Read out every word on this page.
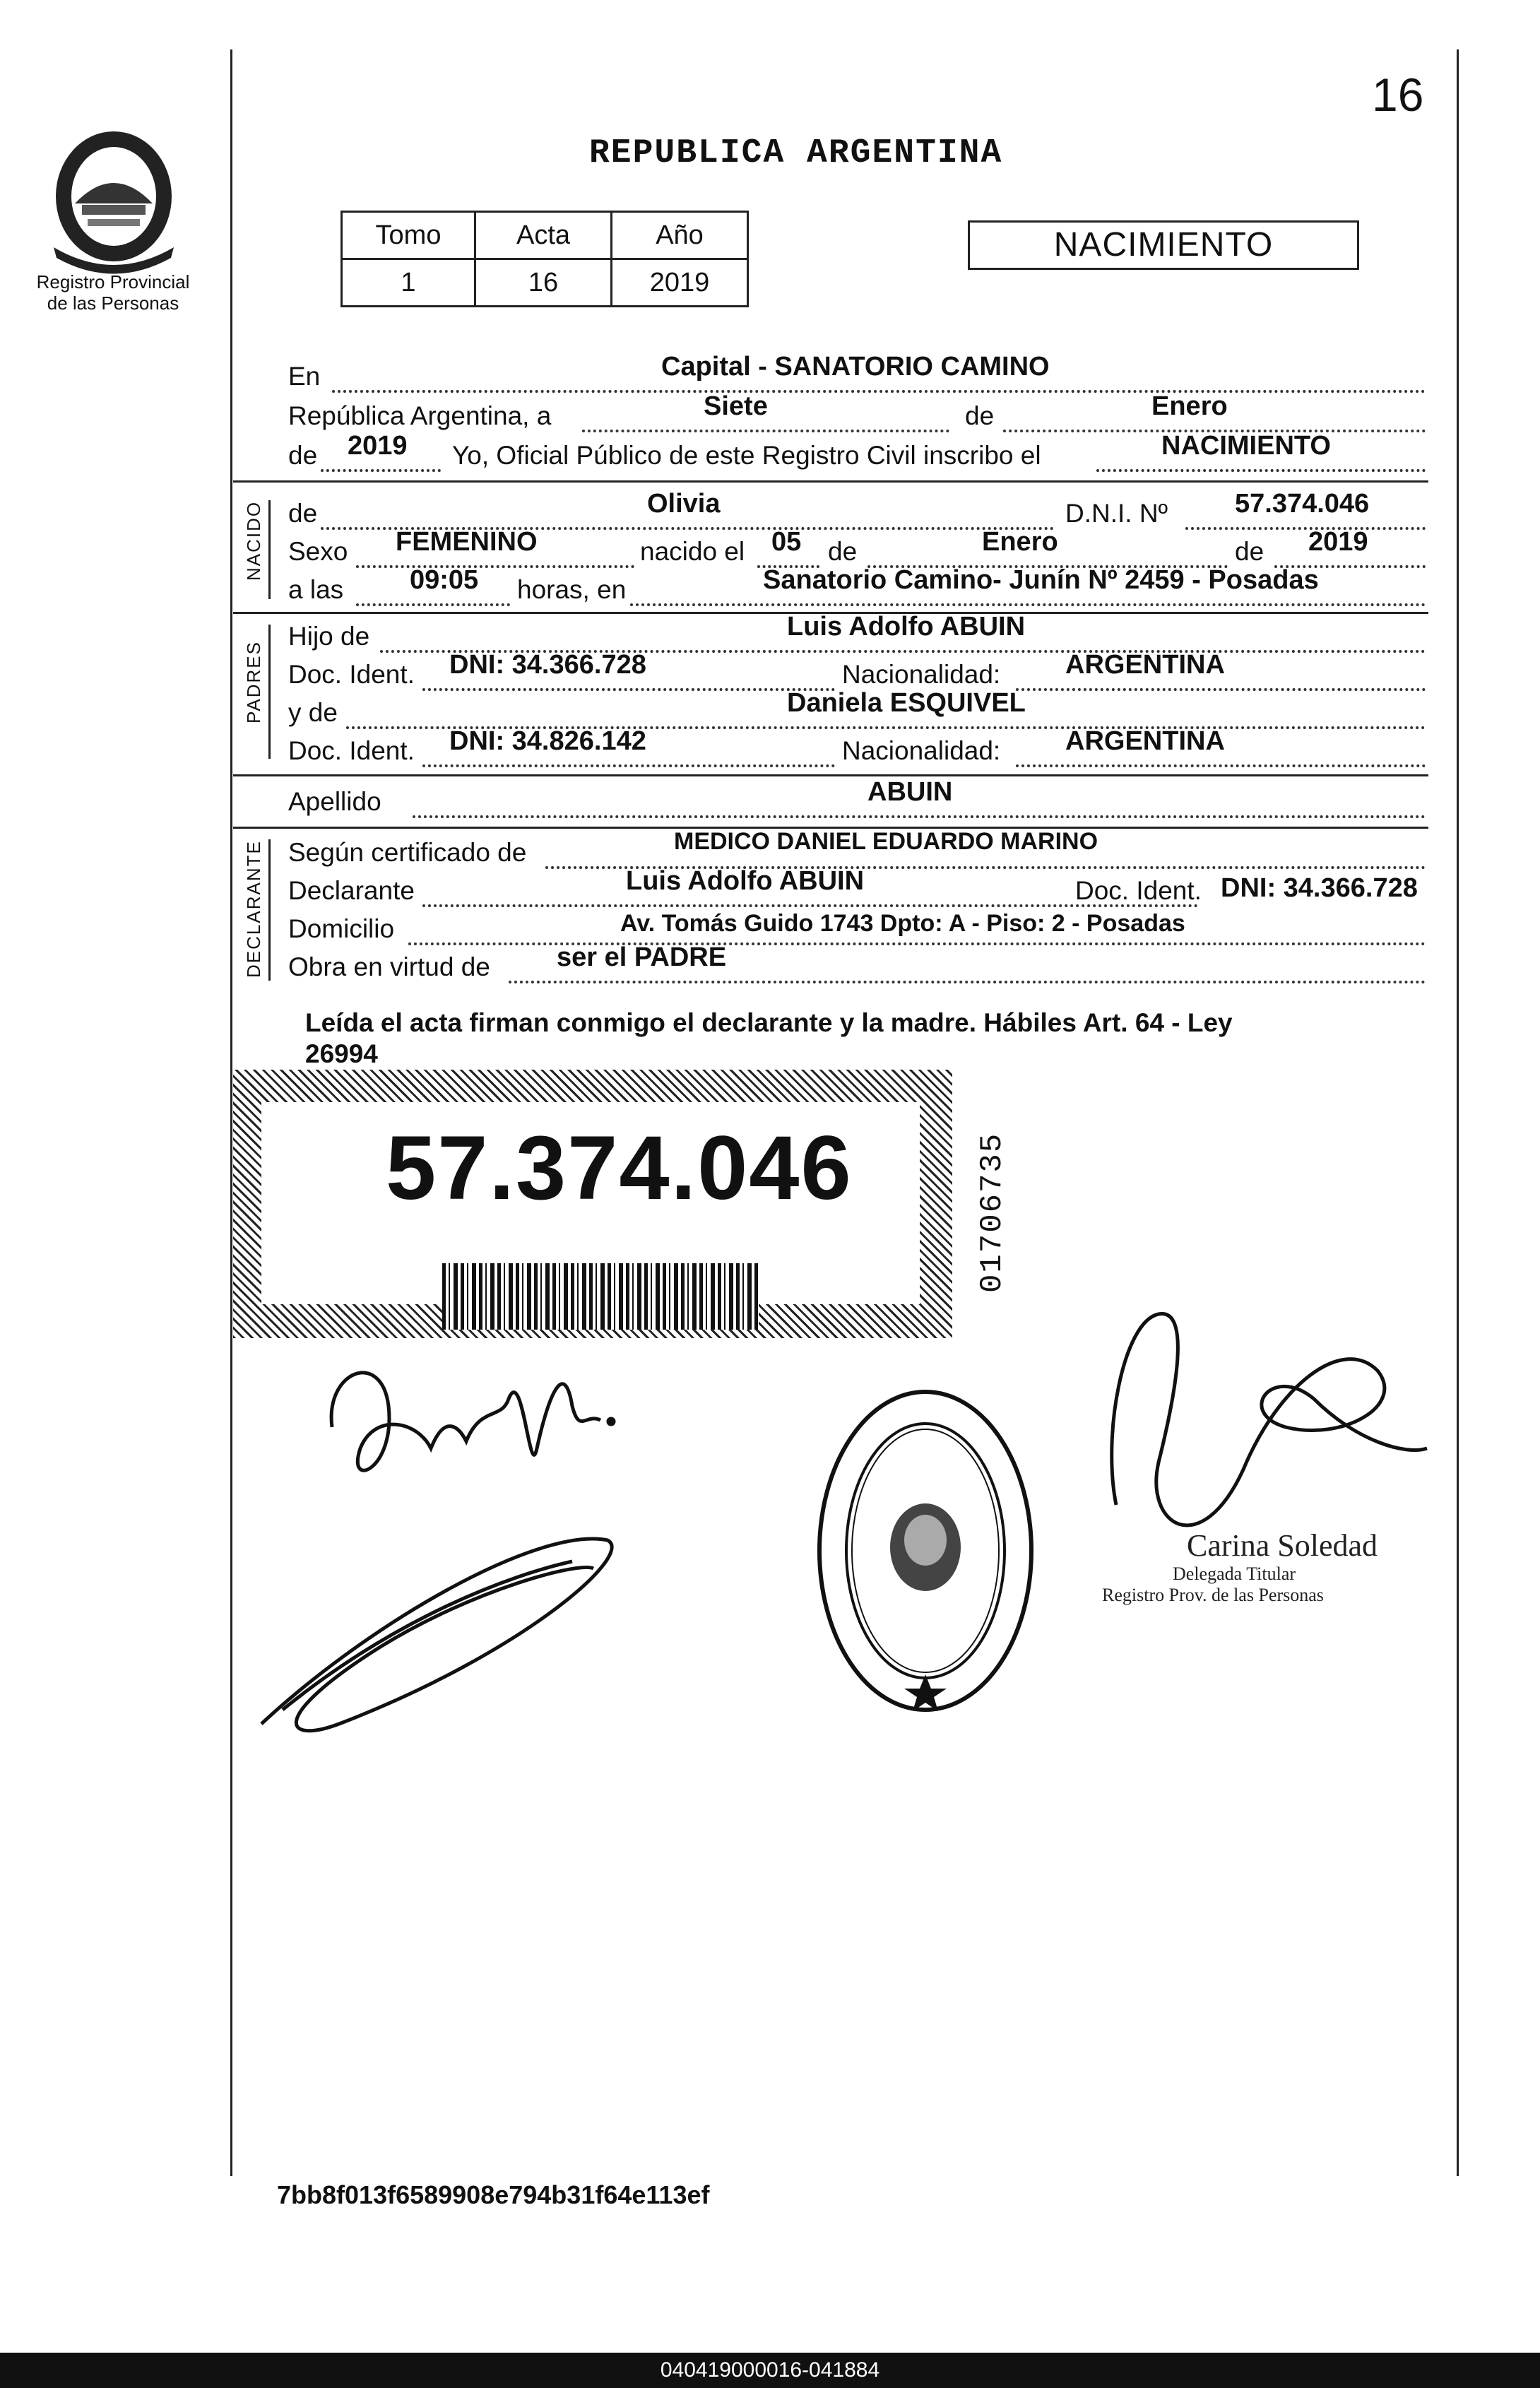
Registro Provincial
de las Personas
16
REPUBLICA ARGENTINA
Tomo	Acta	Año
1	16	2019
NACIMIENTO
En	Capital - SANATORIO CAMINO
República Argentina, a	Siete	de	Enero
de 2019 Yo, Oficial Público de este Registro Civil inscribo el	NACIMIENTO
NACIDO de	Olivia	D.N.I. Nº 57.374.046
Sexo FEMENINO	nacido el 05 de	Enero	de 2019
a las 09:05 horas, en	Sanatorio Camino- Junín Nº 2459 - Posadas
PADRES
Hijo de	Luis Adolfo ABUIN
Doc. Ident. DNI: 34.366.728	Nacionalidad: ARGENTINA
y de	Daniela ESQUIVEL
Doc. Ident. DNI: 34.826.142	Nacionalidad: ARGENTINA
Apellido	ABUIN
DECLARANTE Según certificado de	MEDICO DANIEL EDUARDO MARINO
Declarante	Luis Adolfo ABUIN	Doc. Ident. DNI: 34.366.728
Domicilio	Av. Tomás Guido 1743 Dpto: A - Piso: 2 - Posadas
Obra en virtud de ser el PADRE
Leída el acta firman conmigo el declarante y la madre. Hábiles Art. 64 - Ley
26994
57.374.046	01706735
Carina Soledad
Delegada Titular
Registro Prov. de las Personas
7bb8f013f6589908e794b31f64e113ef
040419000016-041884
